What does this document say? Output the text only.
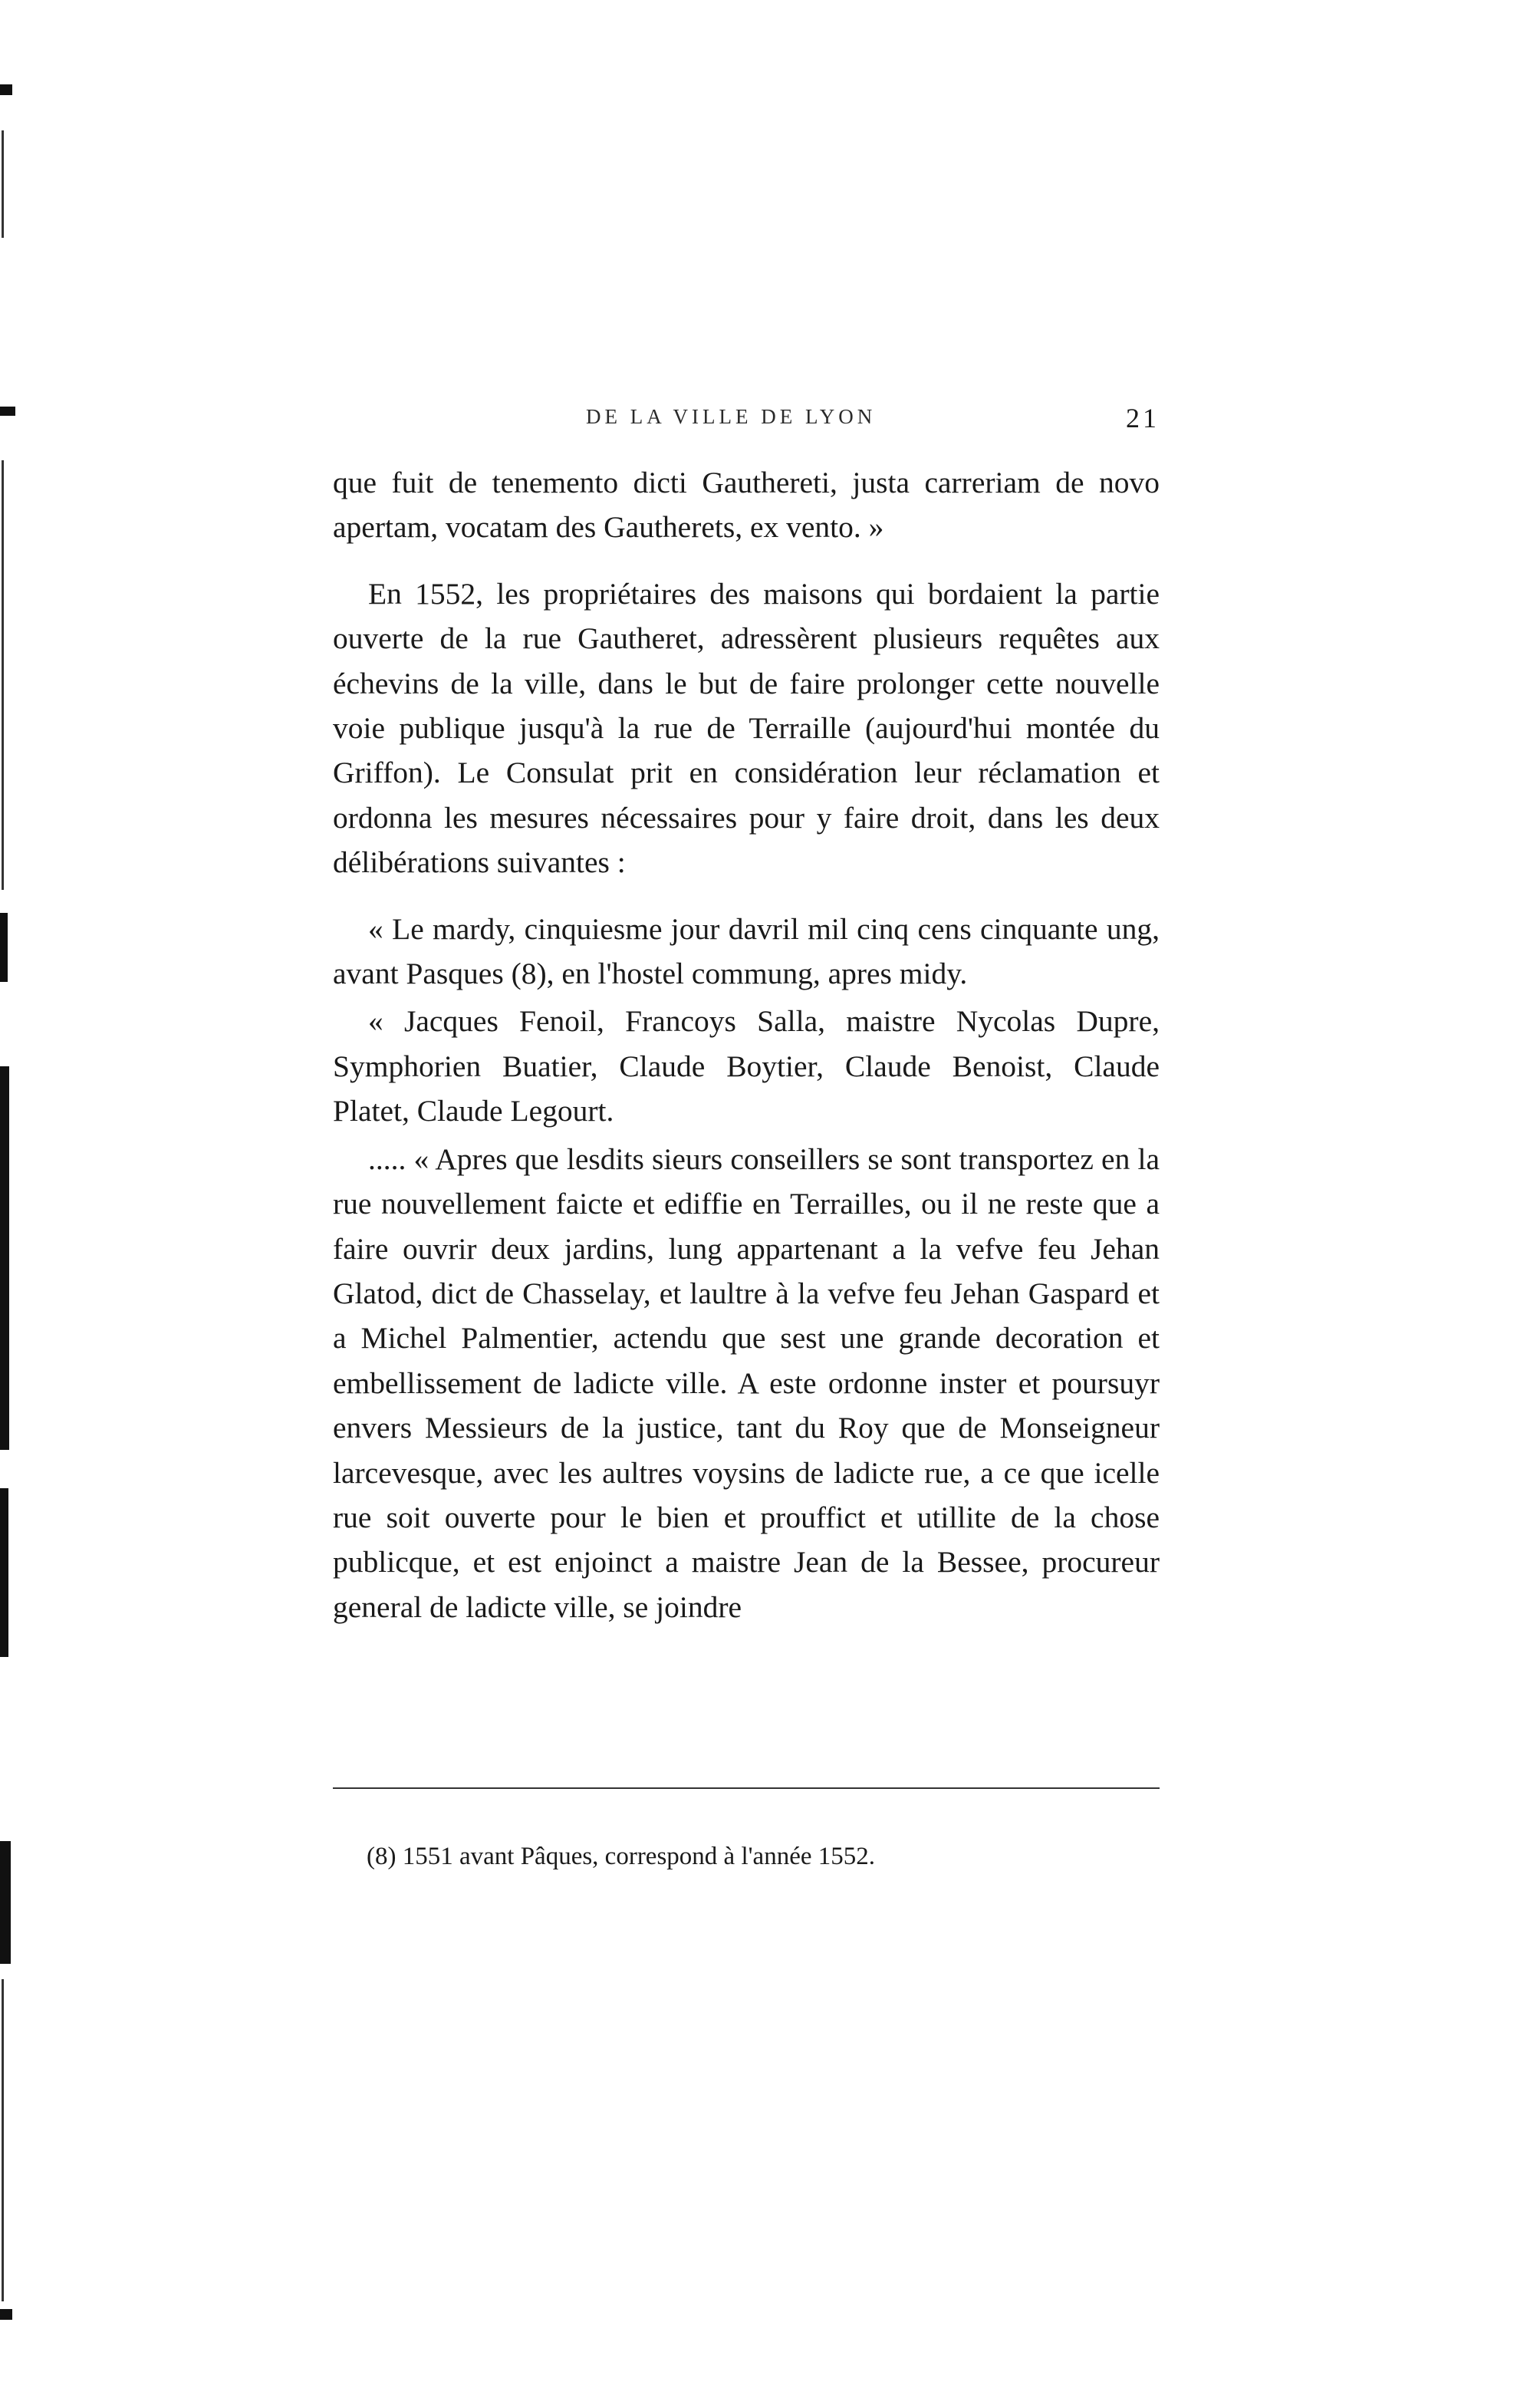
DE LA VILLE DE LYON	21

que fuit de tenemento dicti Gauthereti, justa carreriam de novo apertam, vocatam des Gautherets, ex vento. »

En 1552, les propriétaires des maisons qui bordaient la partie ouverte de la rue Gautheret, adressèrent plusieurs requêtes aux échevins de la ville, dans le but de faire prolonger cette nouvelle voie publique jusqu'à la rue de Terraille (aujourd'hui montée du Griffon). Le Consulat prit en considération leur réclamation et ordonna les mesures nécessaires pour y faire droit, dans les deux délibérations suivantes :

« Le mardy, cinquiesme jour davril mil cinq cens cinquante ung, avant Pasques (8), en l'hostel commung, apres midy.

« Jacques Fenoil, Francoys Salla, maistre Nycolas Dupre, Symphorien Buatier, Claude Boytier, Claude Benoist, Claude Platet, Claude Legourt.

..... « Apres que lesdits sieurs conseillers se sont transportez en la rue nouvellement faicte et ediffie en Terrailles, ou il ne reste que a faire ouvrir deux jardins, lung appartenant a la vefve feu Jehan Glatod, dict de Chasselay, et laultre à la vefve feu Jehan Gaspard et a Michel Palmentier, actendu que sest une grande decoration et embellissement de ladicte ville. A este ordonne inster et poursuyr envers Messieurs de la justice, tant du Roy que de Monseigneur larcevesque, avec les aultres voysins de ladicte rue, a ce que icelle rue soit ouverte pour le bien et prouffict et utillite de la chose publicque, et est enjoinct a maistre Jean de la Bessee, procureur general de ladicte ville, se joindre

(8) 1551 avant Pâques, correspond à l'année 1552.
